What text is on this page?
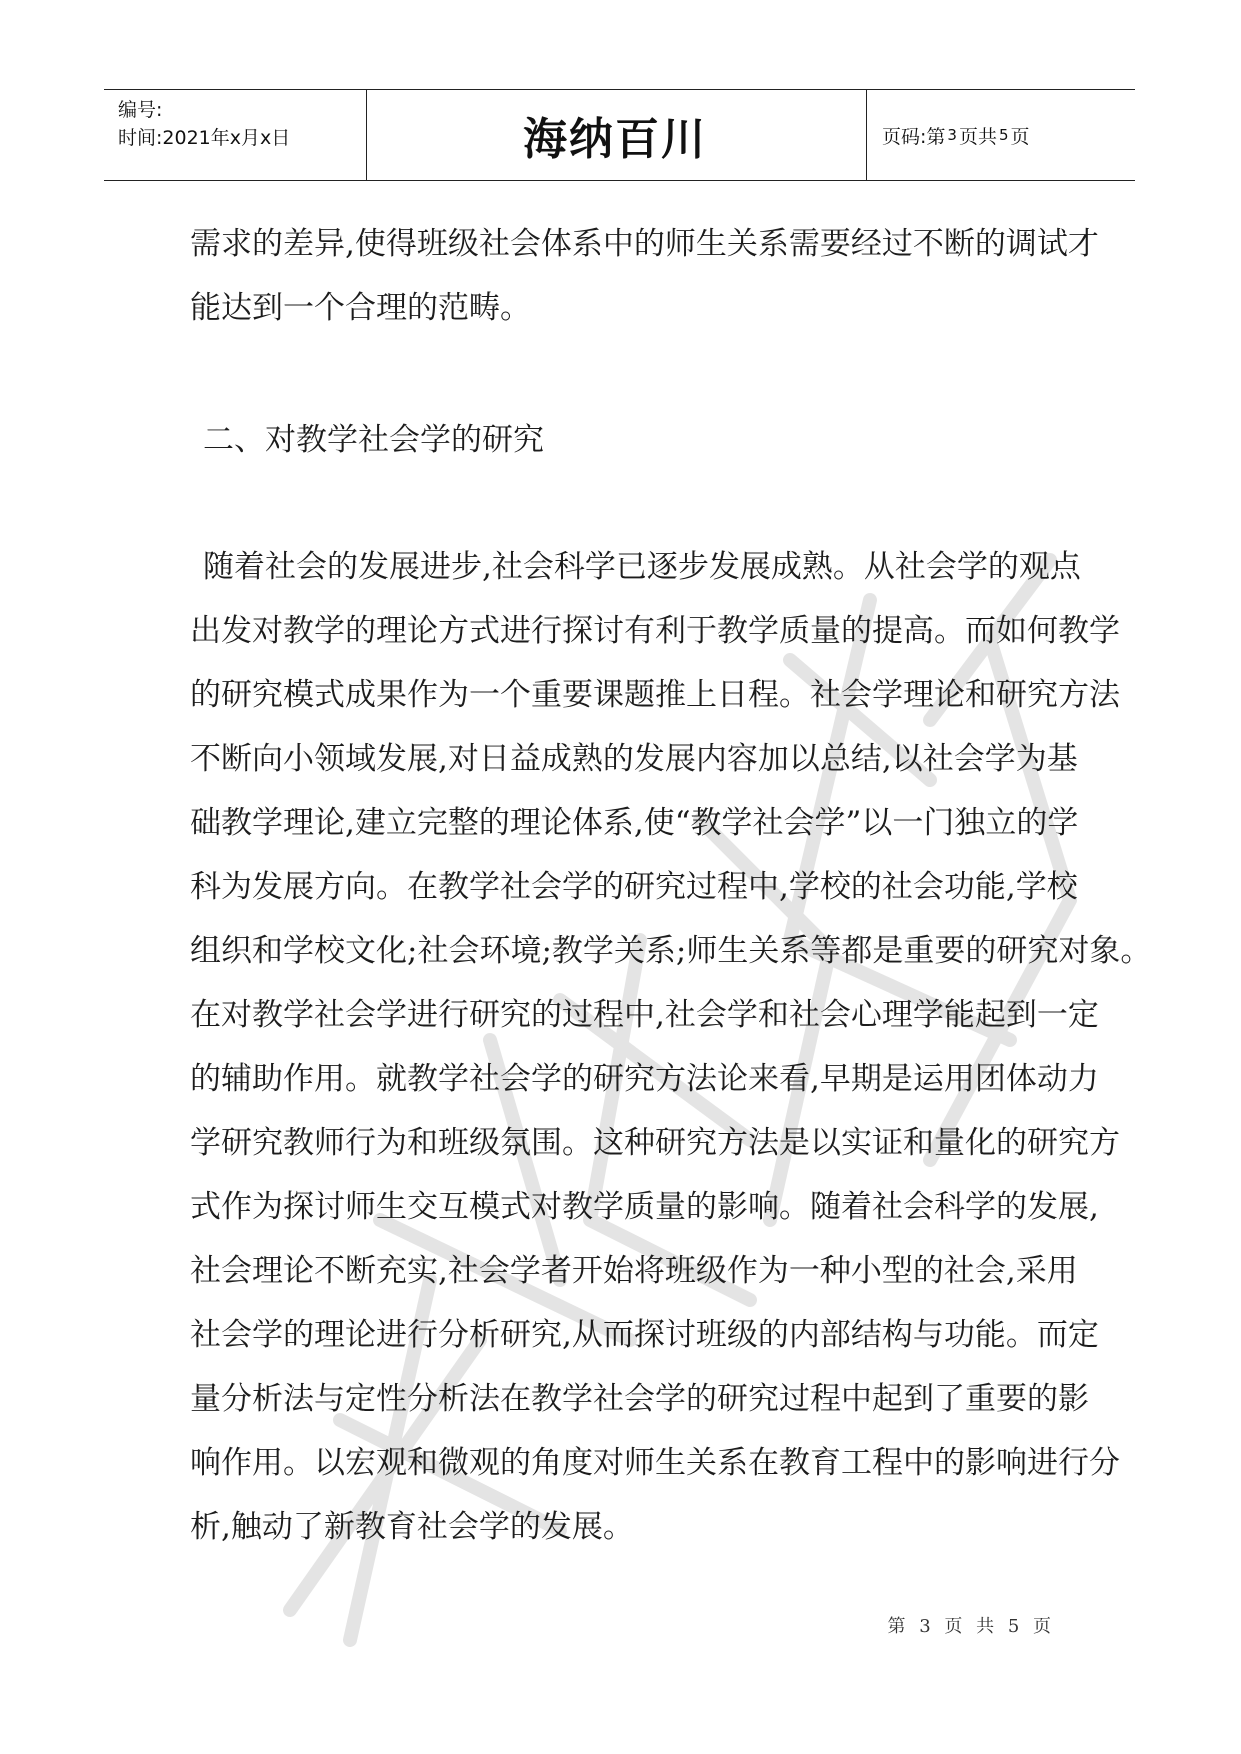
编号:
时间:2021年x月x日	海纳百川	页码:第 3 页共 5 页
需求的差异,使得班级社会体系中的师生关系需要经过不断的调试才
能达到一个合理的范畴。
二、对教学社会学的研究
随着社会的发展进步,社会科学已逐步发展成熟。从社会学的观点
出发对教学的理论方式进行探讨有利于教学质量的提高。而如何教学
的研究模式成果作为一个重要课题推上日程。社会学理论和研究方法
不断向小领域发展,对日益成熟的发展内容加以总结,以社会学为基
础教学理论,建立完整的理论体系,使“教学社会学”以一门独立的学
科为发展方向。在教学社会学的研究过程中,学校的社会功能,学校
组织和学校文化;社会环境;教学关系;师生关系等都是重要的研究对象。
在对教学社会学进行研究的过程中,社会学和社会心理学能起到一定
的辅助作用。就教学社会学的研究方法论来看,早期是运用团体动力
学研究教师行为和班级氛围。这种研究方法是以实证和量化的研究方
式作为探讨师生交互模式对教学质量的影响。随着社会科学的发展,
社会理论不断充实,社会学者开始将班级作为一种小型的社会,采用
社会学的理论进行分析研究,从而探讨班级的内部结构与功能。而定
量分析法与定性分析法在教学社会学的研究过程中起到了重要的影
响作用。以宏观和微观的角度对师生关系在教育工程中的影响进行分
析,触动了新教育社会学的发展。
第 3 页 共 5 页
